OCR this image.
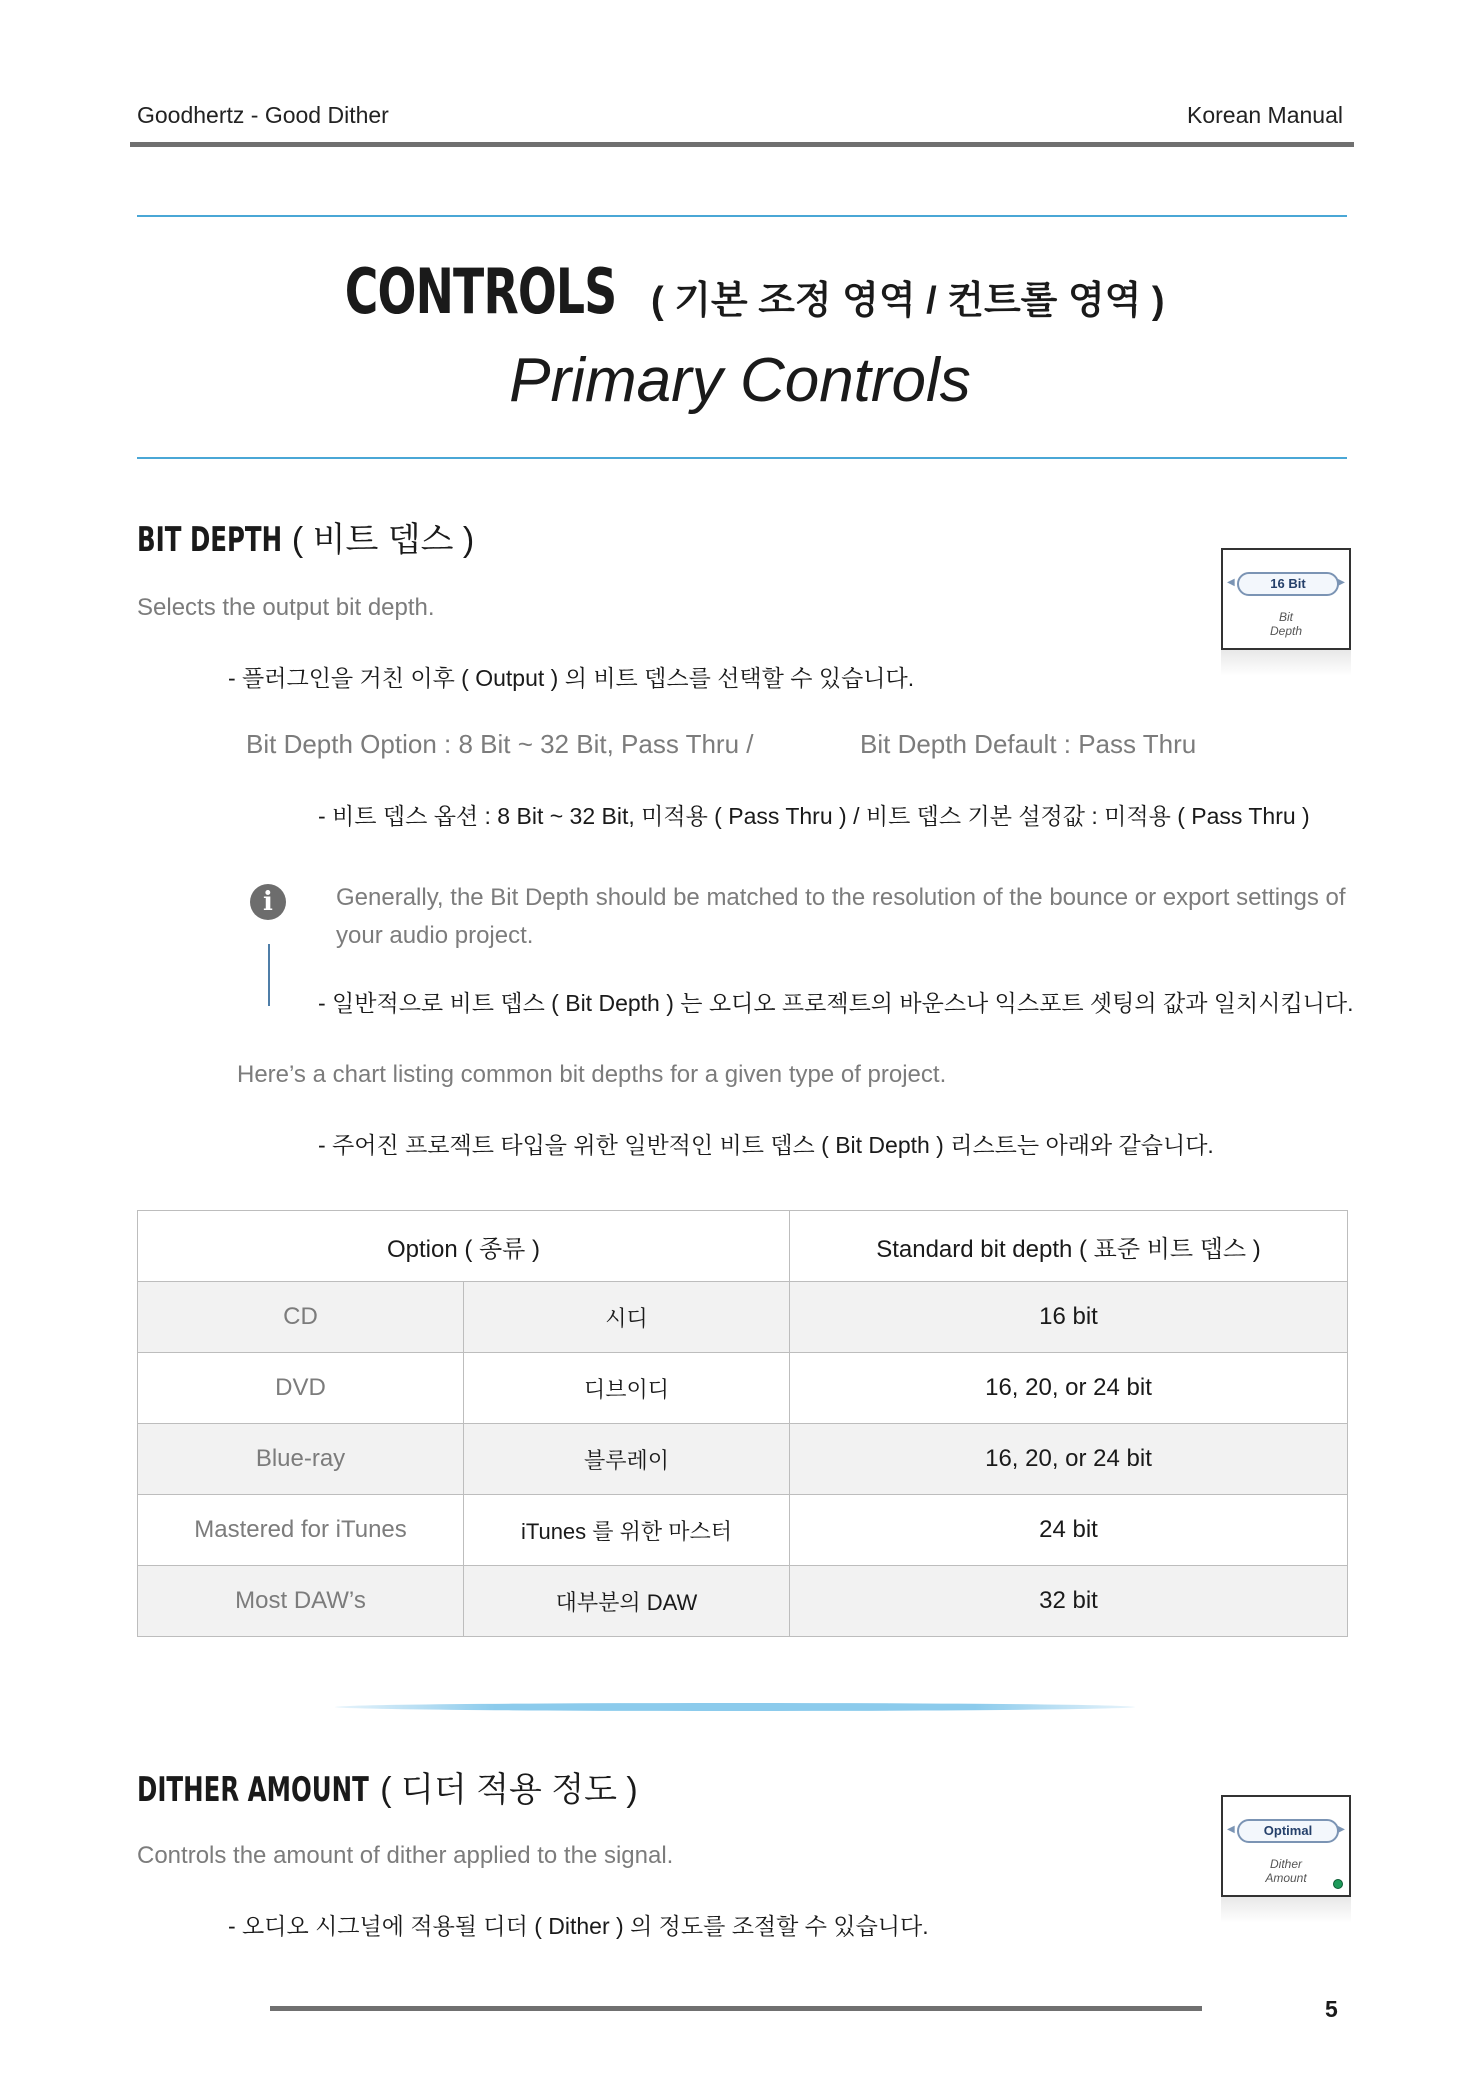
Goodhertz - Good Dither	Korean Manual
CONTROLS ( 기본 조정 영역 / 컨트롤 영역 )
Primary Controls
BIT DEPTH ( 비트 뎁스 )
◀	16 Bit	▶
Bit
Depth
Selects the output bit depth.
- 플러그인을 거친 이후 ( Output ) 의 비트 뎁스를 선택할 수 있습니다.
Bit Depth Option : 8 Bit ~ 32 Bit, Pass Thru /	Bit Depth Default : Pass Thru
- 비트 뎁스 옵션 : 8 Bit ~ 32 Bit, 미적용 ( Pass Thru ) / 비트 뎁스 기본 설정값 : 미적용 ( Pass Thru )
i	Generally, the Bit Depth should be matched to the resolution of the bounce or export settings of your audio project.
- 일반적으로 비트 뎁스 ( Bit Depth ) 는 오디오 프로젝트의 바운스나 익스포트 셋팅의 값과 일치시킵니다.
Here’s a chart listing common bit depths for a given type of project.
- 주어진 프로젝트 타입을 위한 일반적인 비트 뎁스 ( Bit Depth ) 리스트는 아래와 같습니다.
Option ( 종류 )		Standard bit depth ( 표준 비트 뎁스 )
CD	시디	16 bit
DVD	디브이디	16, 20, or 24 bit
Blue-ray	블루레이	16, 20, or 24 bit
Mastered for iTunes	iTunes 를 위한 마스터	24 bit
Most DAW’s	대부분의 DAW	32 bit
DITHER AMOUNT ( 디더 적용 정도 )
◀	Optimal	▶
Dither
Amount
Controls the amount of dither applied to the signal.
- 오디오 시그널에 적용될 디더 ( Dither ) 의 정도를 조절할 수 있습니다.
5
